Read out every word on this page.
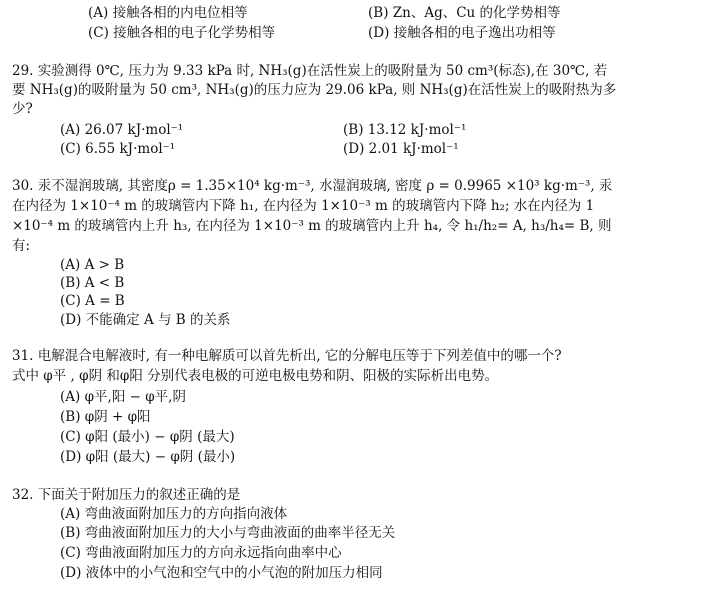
(A) 接触各相的内电位相等	(B) Zn、Ag、Cu 的化学势相等
(C) 接触各相的电子化学势相等	(D) 接触各相的电子逸出功相等
29. 实验测得 0℃, 压力为 9.33 kPa 时, NH₃(g)在活性炭上的吸附量为 50 cm³(标态),在 30℃, 若
要 NH₃(g)的吸附量为 50 cm³, NH₃(g)的压力应为 29.06 kPa, 则 NH₃(g)在活性炭上的吸附热为多
少?
(A) 26.07 kJ·mol⁻¹	(B) 13.12 kJ·mol⁻¹
(C) 6.55 kJ·mol⁻¹	(D) 2.01 kJ·mol⁻¹
30. 汞不湿润玻璃, 其密度ρ = 1.35×10⁴ kg·m⁻³, 水湿润玻璃, 密度 ρ = 0.9965 ×10³ kg·m⁻³, 汞
在内径为 1×10⁻⁴ m 的玻璃管内下降 h₁, 在内径为 1×10⁻³ m 的玻璃管内下降 h₂; 水在内径为 1
×10⁻⁴ m 的玻璃管内上升 h₃, 在内径为 1×10⁻³ m 的玻璃管内上升 h₄, 令 h₁/h₂= A, h₃/h₄= B, 则
有:
(A) A > B
(B) A < B
(C) A = B
(D) 不能确定 A 与 B 的关系
31. 电解混合电解液时, 有一种电解质可以首先析出, 它的分解电压等于下列差值中的哪一个?
式中 φ平 , φ阴 和φ阳 分别代表电极的可逆电极电势和阴、阳极的实际析出电势。
(A) φ平,阳 − φ平,阴
(B) φ阴 + φ阳
(C) φ阳 (最小) − φ阴 (最大)
(D) φ阳 (最大) − φ阴 (最小)
32. 下面关于附加压力的叙述正确的是
(A) 弯曲液面附加压力的方向指向液体
(B) 弯曲液面附加压力的大小与弯曲液面的曲率半径无关
(C) 弯曲液面附加压力的方向永远指向曲率中心
(D) 液体中的小气泡和空气中的小气泡的附加压力相同
